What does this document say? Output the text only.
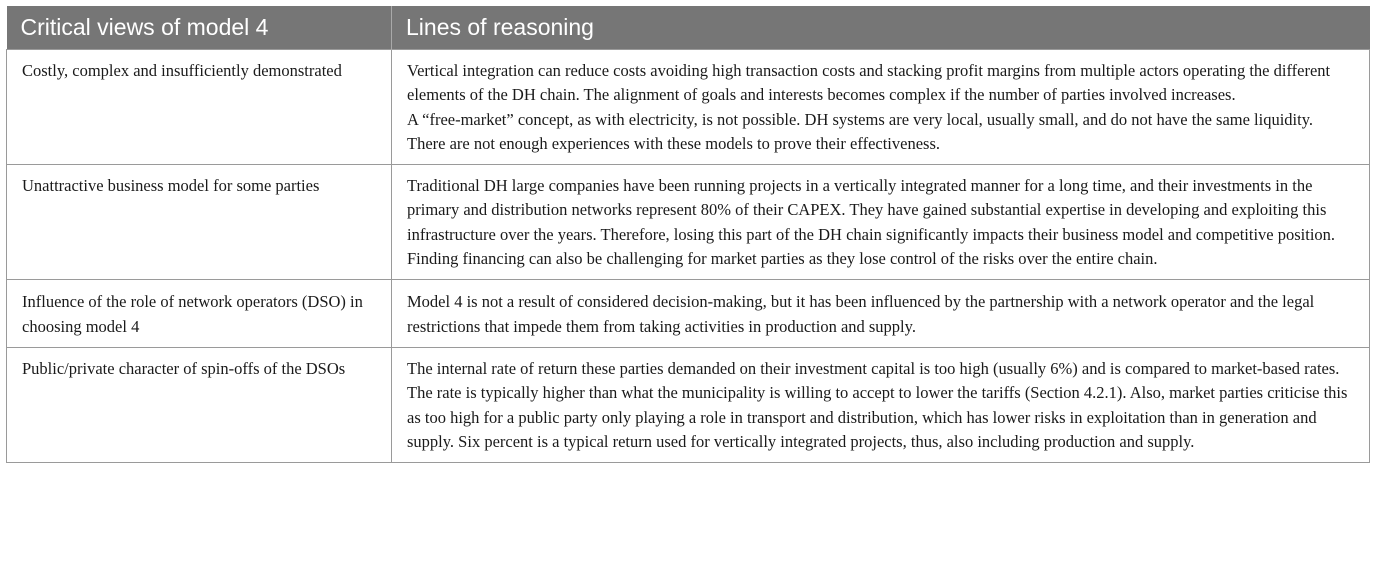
Critical views of model 4	Lines of reasoning
Costly, complex and insufficiently demonstrated	Vertical integration can reduce costs avoiding high transaction costs and stacking profit margins from multiple actors operating the different elements of the DH chain. The alignment of goals and interests becomes complex if the number of parties involved increases.
A “free-market” concept, as with electricity, is not possible. DH systems are very local, usually small, and do not have the same liquidity.
There are not enough experiences with these models to prove their effectiveness.

Unattractive business model for some parties	Traditional DH large companies have been running projects in a vertically integrated manner for a long time, and their investments in the primary and distribution networks represent 80% of their CAPEX. They have gained substantial expertise in developing and exploiting this infrastructure over the years. Therefore, losing this part of the DH chain significantly impacts their business model and competitive position.
Finding financing can also be challenging for market parties as they lose control of the risks over the entire chain.

Influence of the role of network operators (DSO) in choosing model 4	Model 4 is not a result of considered decision-making, but it has been influenced by the partnership with a network operator and the legal restrictions that impede them from taking activities in production and supply.

Public/private character of spin-offs of the DSOs	The internal rate of return these parties demanded on their investment capital is too high (usually 6%) and is compared to market-based rates. The rate is typically higher than what the municipality is willing to accept to lower the tariffs (Section 4.2.1). Also, market parties criticise this as too high for a public party only playing a role in transport and distribution, which has lower risks in exploitation than in generation and supply. Six percent is a typical return used for vertically integrated projects, thus, also including production and supply.
